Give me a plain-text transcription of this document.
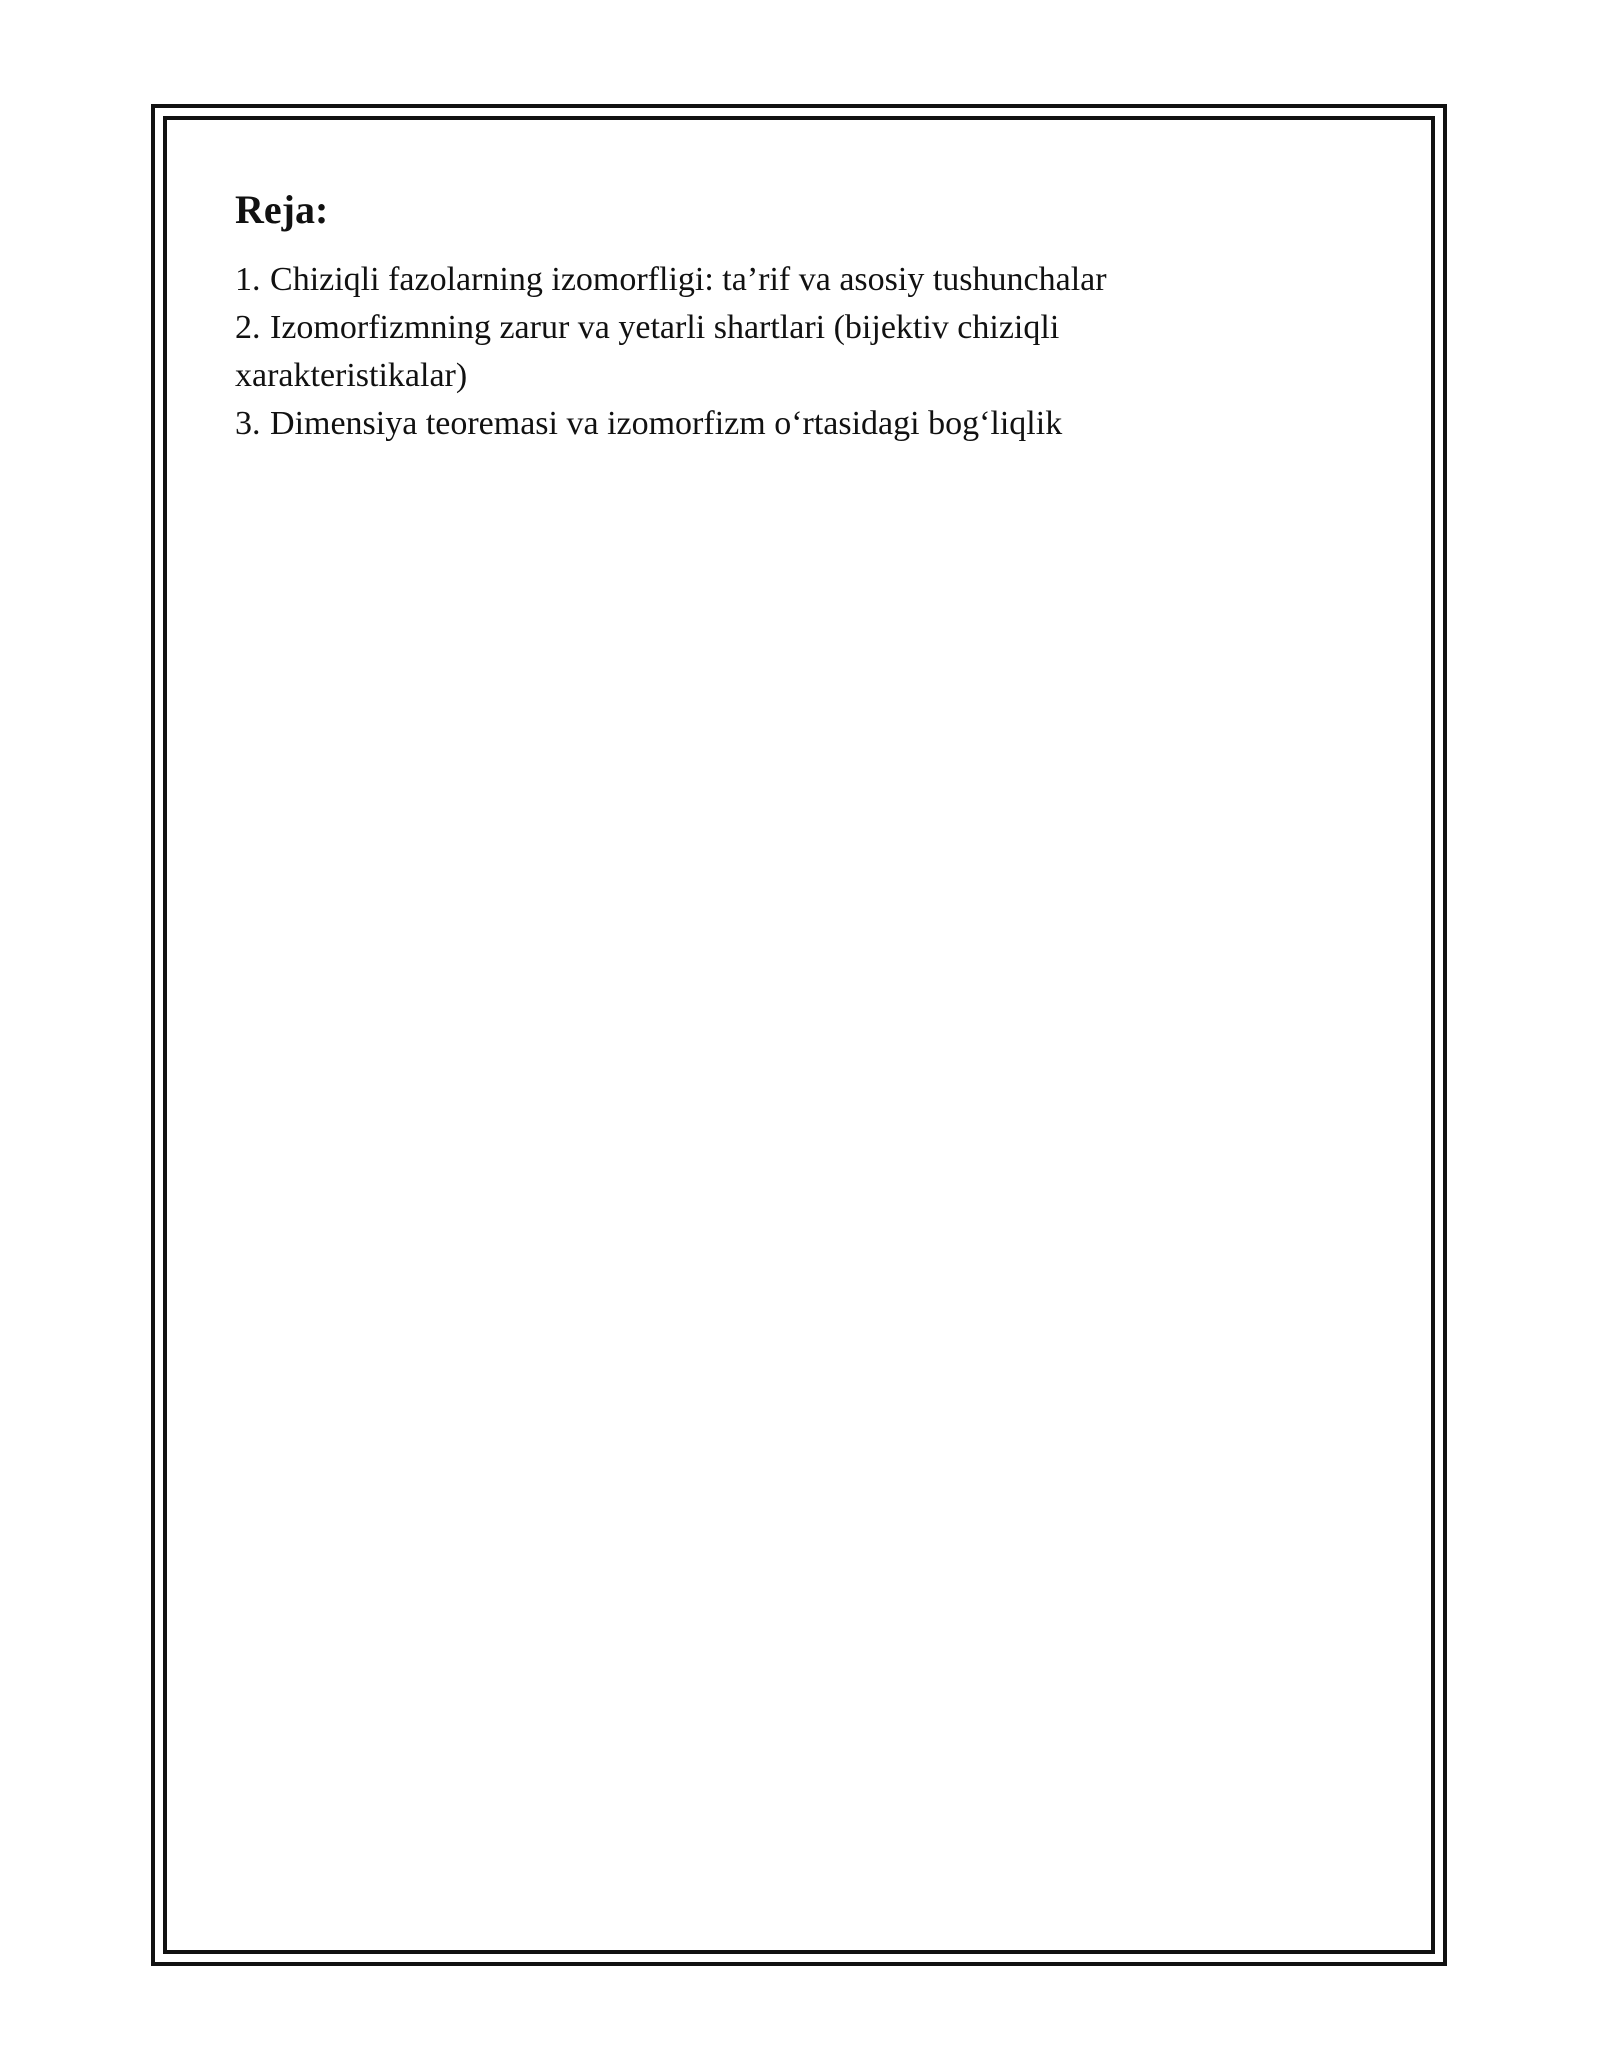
Reja:
1. Chiziqli fazolarning izomorfligi: ta’rif va asosiy tushunchalar
2. Izomorfizmning zarur va yetarli shartlari (bijektiv chiziqli
xarakteristikalar)
3. Dimensiya teoremasi va izomorfizm o‘rtasidagi bog‘liqlik
